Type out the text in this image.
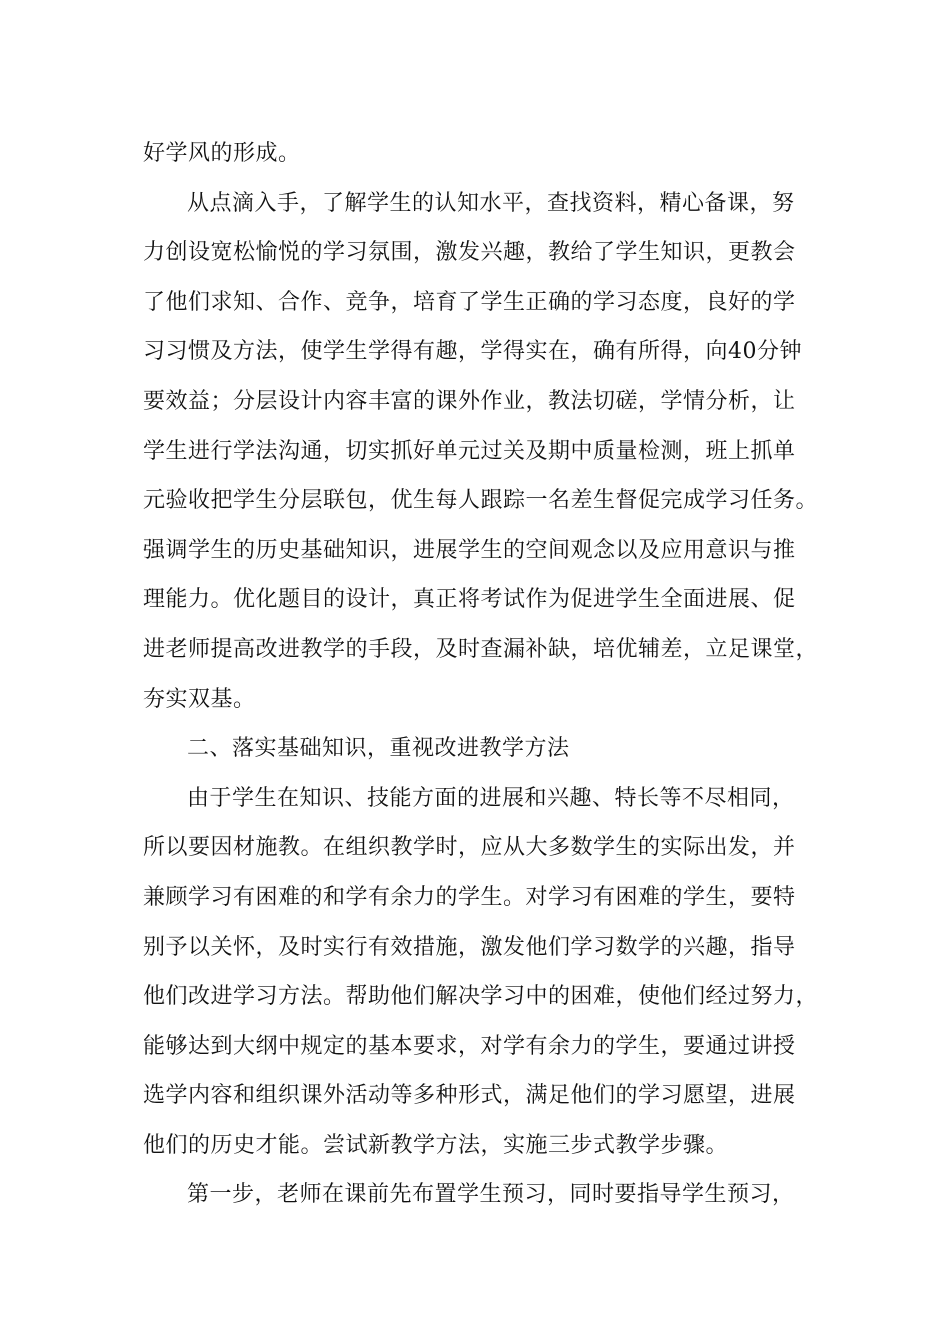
好学风的形成。

从点滴入手，了解学生的认知水平，查找资料，精心备课，努
力创设宽松愉悦的学习氛围，激发兴趣，教给了学生知识，更教会
了他们求知、合作、竞争，培育了学生正确的学习态度，良好的学
习习惯及方法，使学生学得有趣，学得实在，确有所得，向40分钟
要效益；分层设计内容丰富的课外作业，教法切磋，学情分析，让
学生进行学法沟通，切实抓好单元过关及期中质量检测，班上抓单
元验收把学生分层联包，优生每人跟踪一名差生督促完成学习任务。
强调学生的历史基础知识，进展学生的空间观念以及应用意识与推
理能力。优化题目的设计，真正将考试作为促进学生全面进展、促
进老师提高改进教学的手段，及时查漏补缺，培优辅差，立足课堂，
夯实双基。

二、落实基础知识，重视改进教学方法

由于学生在知识、技能方面的进展和兴趣、特长等不尽相同，
所以要因材施教。在组织教学时，应从大多数学生的实际出发，并
兼顾学习有困难的和学有余力的学生。对学习有困难的学生，要特
别予以关怀，及时实行有效措施，激发他们学习数学的兴趣，指导
他们改进学习方法。帮助他们解决学习中的困难，使他们经过努力，
能够达到大纲中规定的基本要求，对学有余力的学生，要通过讲授
选学内容和组织课外活动等多种形式，满足他们的学习愿望，进展
他们的历史才能。尝试新教学方法，实施三步式教学步骤。

第一步，老师在课前先布置学生预习，同时要指导学生预习，
